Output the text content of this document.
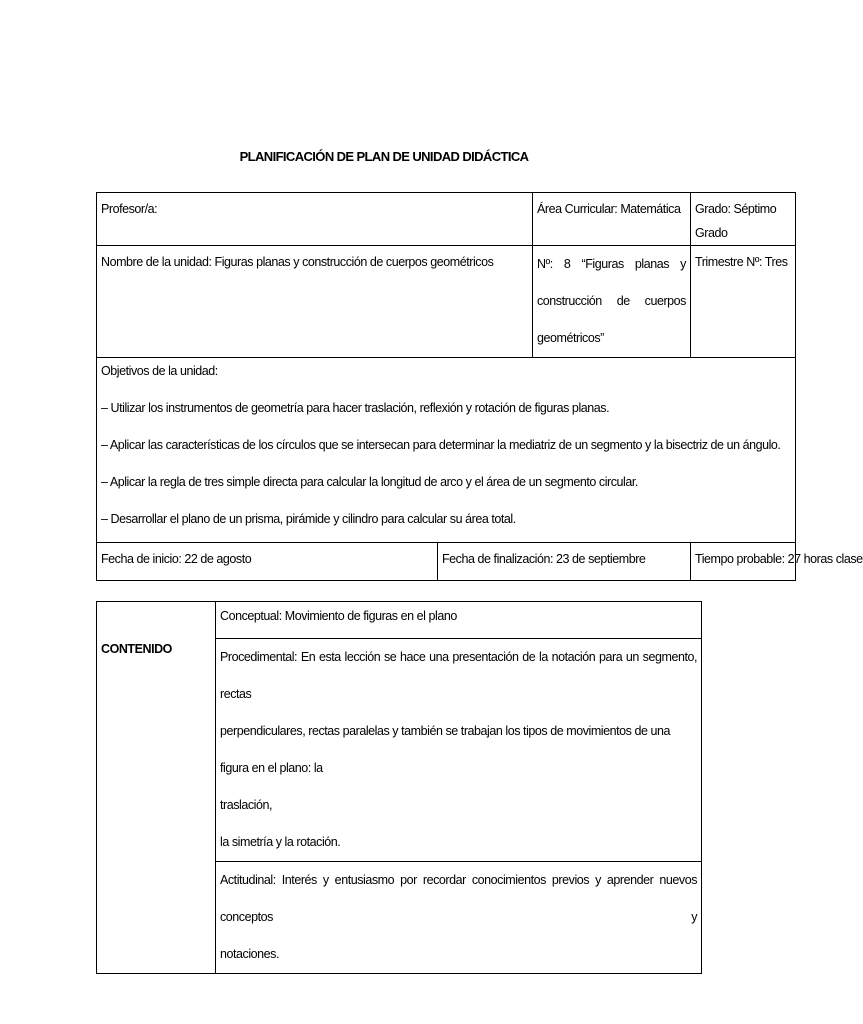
PLANIFICACIÓN DE PLAN DE UNIDAD DIDÁCTICA
Profesor/a:		Área Curricular: Matemática	Grado: Séptimo Grado
Nombre de la unidad: Figuras planas y construcción de cuerpos geométricos		Nº: 8 “Figuras planas y
construcción de cuerpos
geométricos”	Trimestre Nº: Tres

Objetivos de la unidad:

– Utilizar los instrumentos de geometría para hacer traslación, reflexión y rotación de figuras planas.

– Aplicar las características de los círculos que se intersecan para determinar la mediatriz de un segmento y la bisectriz de un ángulo.

– Aplicar la regla de tres simple directa para calcular la longitud de arco y el área de un segmento circular.

– Desarrollar el plano de un prisma, pirámide y cilindro para calcular su área total.			

Fecha de inicio: 22 de agosto	Fecha de finalización: 23 de septiembre		Tiempo probable: 27 horas clase
CONTENIDO	Conceptual: Movimiento de figuras en el plano

	Procedimental: En esta lección se hace una presentación de la notación para un segmento, rectas
perpendiculares, rectas paralelas y también se trabajan los tipos de movimientos de una figura en el plano: la
traslación,
la simetría y la rotación.

	Actitudinal: Interés y entusiasmo por recordar conocimientos previos y aprender nuevos conceptos y
notaciones.
